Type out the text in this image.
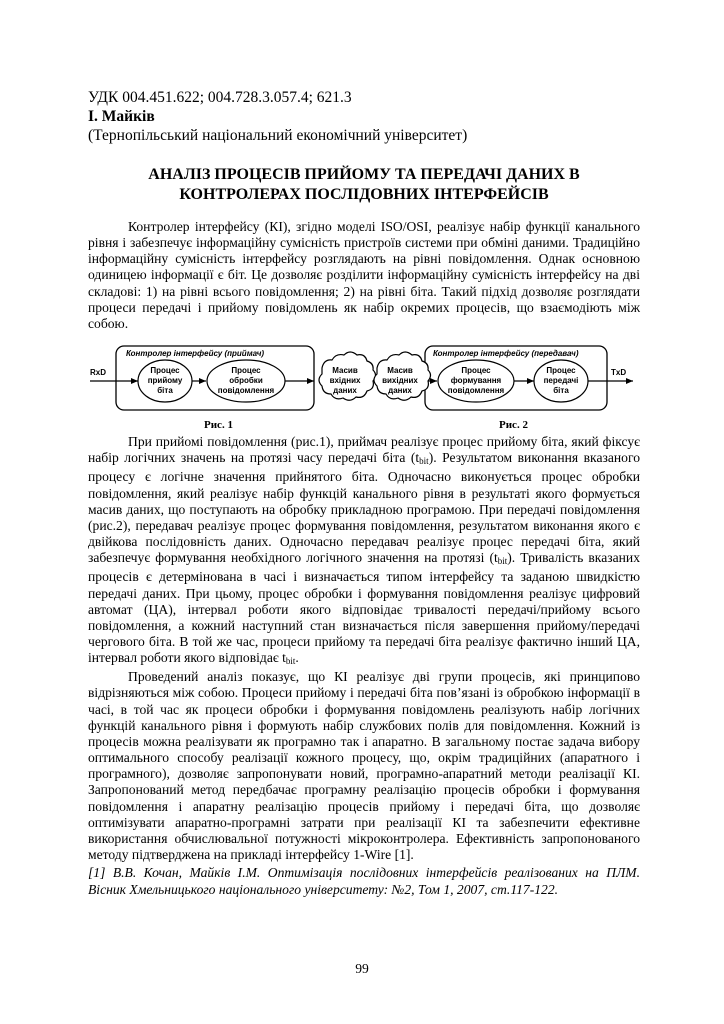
УДК 004.451.622; 004.728.3.057.4; 621.3
І. Майків
(Тернопільський національний економічний університет)
АНАЛІЗ ПРОЦЕСІВ ПРИЙОМУ ТА ПЕРЕДАЧІ ДАНИХ В
КОНТРОЛЕРАХ ПОСЛІДОВНИХ ІНТЕРФЕЙСІВ

Контролер інтерфейсу (КІ), згідно моделі ISO/OSI, реалізує набір функції канального рівня і забезпечує інформаційну сумісність пристроїв системи при обміні даними. Традиційно інформаційну сумісність інтерфейсу розглядають на рівні повідомлення. Однак основною одиницею інформації є біт. Це дозволяє розділити інформаційну сумісність інтерфейсу на дві складові: 1) на рівні всього повідомлення; 2) на рівні біта. Такий підхід дозволяє розглядати процеси передачі і прийому повідомлень як набір окремих процесів, що взаємодіють між собою.

Контролер інтерфейсу (приймач)	Контролер інтерфейсу (передавач)
RxD	TxD
Процес
прийому
біта
Процес
обробки
повідомлення
Масив
вхідних
даних
Масив
вихідних
даних
Процес
формування
повідомлення
Процес
передачі
біта
Рис. 1	Рис. 2

При прийомі повідомлення (рис.1), приймач реалізує процес прийому біта, який фіксує набір логічних значень на протязі часу передачі біта $(t_{bit})$. Результатом виконання вказаного процесу є логічне значення прийнятого біта. Одночасно виконується процес обробки повідомлення, який реалізує набір функцій канального рівня в результаті якого формується масив даних, що поступають на обробку прикладною програмою. При передачі повідомлення (рис.2), передавач реалізує процес формування повідомлення, результатом виконання якого є двійкова послідовність даних. Одночасно передавач реалізує процес передачі біта, який забезпечує формування необхідного логічного значення на протязі $(t_{bit})$. Тривалість вказаних процесів є детермінована в часі і визначається типом інтерфейсу та заданою швидкістю передачі даних. При цьому, процес обробки і формування повідомлення реалізує цифровий автомат (ЦА), інтервал роботи якого відповідає тривалості передачі/прийому всього повідомлення, а кожний наступний стан визначається після завершення прийому/передачі чергового біта. В той же час, процеси прийому та передачі біта реалізує фактично інший ЦА, інтервал роботи якого відповідає $t_{bit}$.

Проведений аналіз показує, що КІ реалізує дві групи процесів, які принципово відрізняються між собою. Процеси прийому і передачі біта пов’язані із обробкою інформації в часі, в той час як процеси обробки і формування повідомлень реалізують набір логічних функцій канального рівня і формують набір службових полів для повідомлення. Кожний із процесів можна реалізувати як програмно так і апаратно. В загальному постає задача вибору оптимального способу реалізації кожного процесу, що, окрім традиційних (апаратного і програмного), дозволяє запропонувати новий, програмно-апаратний методи реалізації КІ. Запропонований метод передбачає програмну реалізацію процесів обробки і формування повідомлення і апаратну реалізацію процесів прийому і передачі біта, що дозволяє оптимізувати апаратно-програмні затрати при реалізації КІ та забезпечити ефективне використання обчислювальної потужності мікроконтролера. Ефективність запропонованого методу підтверджена на прикладі інтерфейсу 1-Wire [1].

[1] В.В. Кочан, Майків І.М. Оптимізація послідовних інтерфейсів реалізованих на ПЛМ. Вісник Хмельницького національного університету: №2, Том 1, 2007, ст.117-122.
99
